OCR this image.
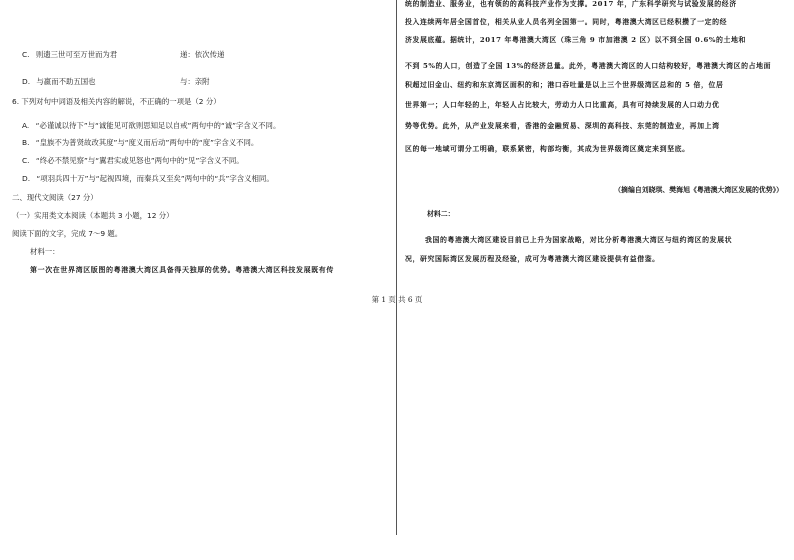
C. 则遗三世可至万世而为君	递：依次传递
D. 与嬴而不助五国也	与：亲附
6. 下列对句中词语及相关内容的解说，不正确的一项是（2 分）
A. “必谨诚以待下”与“诚能见可欲则思知足以自戒”两句中的“诚”字含义不同。
B. “皇族不为普贤故改其度”与“度义而后动”两句中的“度”字含义不同。
C. “终必不禁见察”与“翼君实或见怒也”两句中的“见”字含义不同。
D. “项羽兵四十万”与“起视四境，而秦兵又至矣”两句中的“兵”字含义相同。
二、现代文阅读（27 分）
（一）实用类文本阅读（本题共 3 小题，12 分）
阅读下面的文字，完成 7～9 题。
材料一：
第一次在世界湾区版图的粤港澳大湾区具备得天独厚的优势。粤港澳大湾区科技发展既有传
统的制造业、服务业，也有领的的高科技产业作为支撑。2017 年，广东科学研究与试验发展的经济
投入连续两年居全国首位，相关从业人员名列全国第一。同时，粤港澳大湾区已经积攒了一定的经
济发展底蕴。据统计，2017 年粤港澳大湾区（珠三角 9 市加港澳 2 区）以不到全国 0.6%的土地和
不到 5%的人口，创造了全国 13%的经济总量。此外，粤港澳大湾区的人口结构较好，粤港澳大湾区的占地面
积超过旧金山、纽约和东京湾区面积的和；港口吞吐量是以上三个世界级湾区总和的 5 倍，位居
世界第一；人口年轻的上，年轻人占比较大，劳动力人口比重高，具有可持续发展的人口动力优
势等优势。此外，从产业发展来看，香港的金融贸易、深圳的高科技、东莞的制造业，再加上湾
区的每一地域可谓分工明确，联系紧密，构部均衡，其成为世界级湾区奠定来到坚底。
（摘编自刘晓琪、樊海旭《粤港澳大湾区发展的优势》）
材料二：
我国的粤港澳大湾区建设目前已上升为国家战略，对比分析粤港澳大湾区与纽约湾区的发展状
况，研究国际湾区发展历程及经验，成可为粤港澳大湾区建设提供有益借鉴。
第 1 页 共 6 页
